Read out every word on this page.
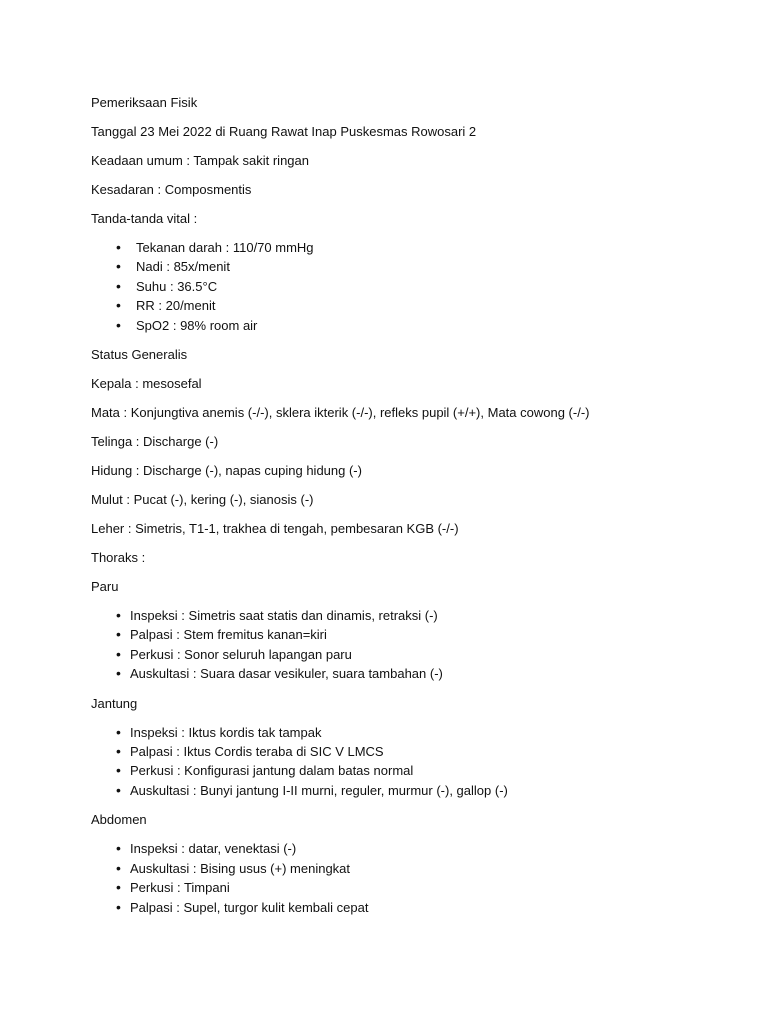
Pemeriksaan Fisik

Tanggal 23 Mei 2022 di Ruang Rawat Inap Puskesmas Rowosari 2

Keadaan umum : Tampak sakit ringan

Kesadaran : Composmentis

Tanda-tanda vital :

• Tekanan darah : 110/70 mmHg
• Nadi : 85x/menit
• Suhu : 36.5°C
• RR : 20/menit
• SpO2 : 98% room air

Status Generalis

Kepala : mesosefal

Mata : Konjungtiva anemis (-/-), sklera ikterik (-/-), refleks pupil (+/+), Mata cowong (-/-)

Telinga : Discharge (-)

Hidung : Discharge (-), napas cuping hidung (-)

Mulut : Pucat (-), kering (-), sianosis (-)

Leher : Simetris, T1-1, trakhea di tengah, pembesaran KGB (-/-)

Thoraks :

Paru

• Inspeksi : Simetris saat statis dan dinamis, retraksi (-)
• Palpasi : Stem fremitus kanan=kiri
• Perkusi : Sonor seluruh lapangan paru
• Auskultasi : Suara dasar vesikuler, suara tambahan (-)

Jantung

• Inspeksi : Iktus kordis tak tampak
• Palpasi : Iktus Cordis teraba di SIC V LMCS
• Perkusi : Konfigurasi jantung dalam batas normal
• Auskultasi : Bunyi jantung I-II murni, reguler, murmur (-), gallop (-)

Abdomen

• Inspeksi : datar, venektasi (-)
• Auskultasi : Bising usus (+) meningkat
• Perkusi : Timpani
• Palpasi : Supel, turgor kulit kembali cepat
